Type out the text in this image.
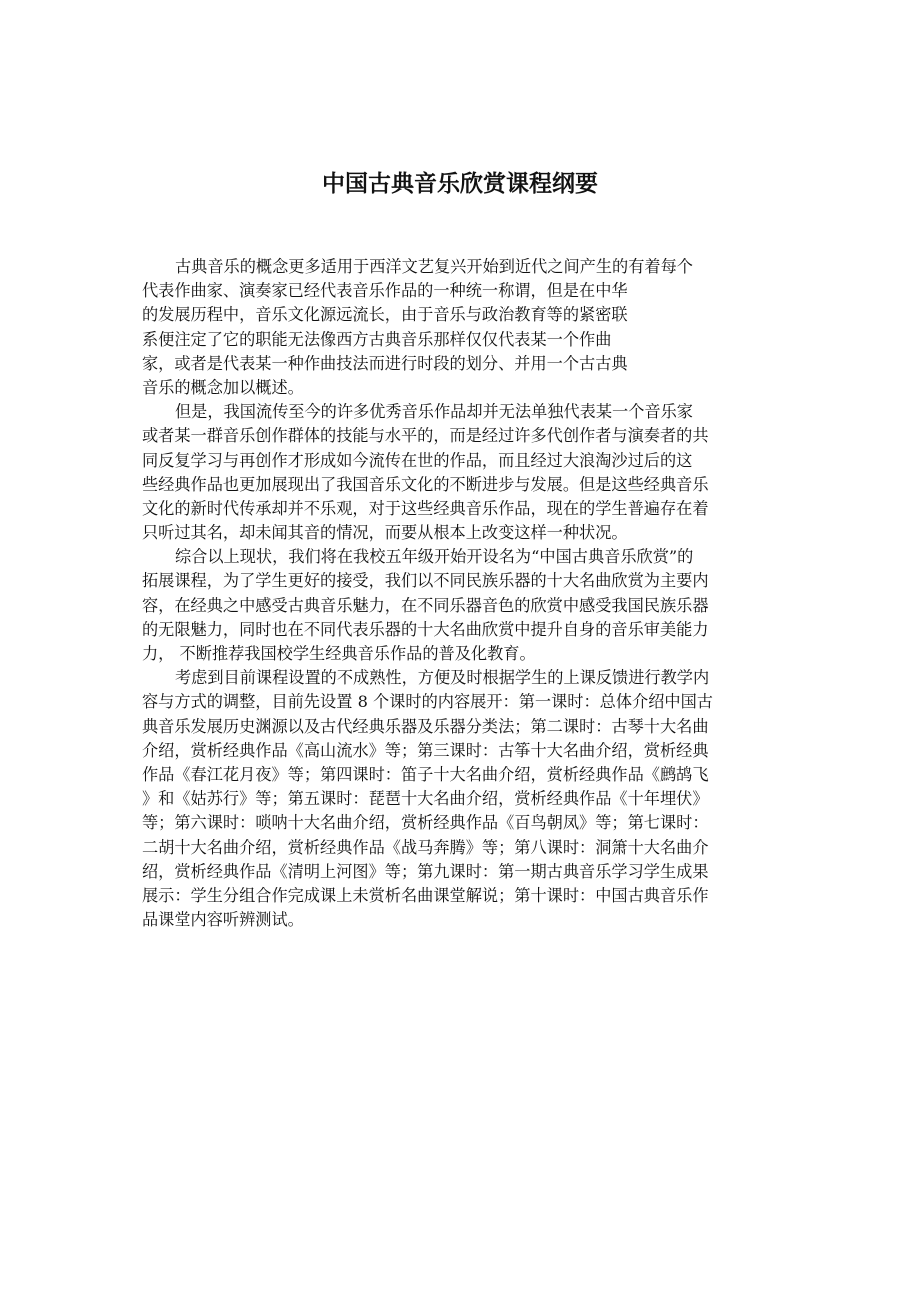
中国古典音乐欣赏课程纲要

古典音乐的概念更多适用于西洋文艺复兴开始到近代之间产生的有着每个
代表作曲家、演奏家已经代表音乐作品的一种统一称谓，但是在中华
的发展历程中，音乐文化源远流长，由于音乐与政治教育等的紧密联
系便注定了它的职能无法像西方古典音乐那样仅仅代表某一个作曲
家，或者是代表某一种作曲技法而进行时段的划分、并用一个古古典
音乐的概念加以概述。

但是，我国流传至今的许多优秀音乐作品却并无法单独代表某一个音乐家
或者某一群音乐创作群体的技能与水平的，而是经过许多代创作者与演奏者的共
同反复学习与再创作才形成如今流传在世的作品，而且经过大浪淘沙过后的这
些经典作品也更加展现出了我国音乐文化的不断进步与发展。但是这些经典音乐
文化的新时代传承却并不乐观，对于这些经典音乐作品，现在的学生普遍存在着
只听过其名，却未闻其音的情况，而要从根本上改变这样一种状况。

综合以上现状，我们将在我校五年级开始开设名为“中国古典音乐欣赏”的
拓展课程，为了学生更好的接受，我们以不同民族乐器的十大名曲欣赏为主要内
容，在经典之中感受古典音乐魅力，在不同乐器音色的欣赏中感受我国民族乐器
的无限魅力，同时也在不同代表乐器的十大名曲欣赏中提升自身的音乐审美能力
力， 不断推荐我国校学生经典音乐作品的普及化教育。

考虑到目前课程设置的不成熟性，方便及时根据学生的上课反馈进行教学内
容与方式的调整，目前先设置 8 个课时的内容展开：第一课时：总体介绍中国古
典音乐发展历史渊源以及古代经典乐器及乐器分类法；第二课时：古琴十大名曲
介绍，赏析经典作品《高山流水》等；第三课时：古筝十大名曲介绍，赏析经典
作品《春江花月夜》等；第四课时：笛子十大名曲介绍，赏析经典作品《鹧鸪飞
》和《姑苏行》等；第五课时：琵琶十大名曲介绍，赏析经典作品《十年埋伏》
等；第六课时：唢呐十大名曲介绍，赏析经典作品《百鸟朝凤》等；第七课时：
二胡十大名曲介绍，赏析经典作品《战马奔腾》等；第八课时：洞箫十大名曲介
绍，赏析经典作品《清明上河图》等；第九课时：第一期古典音乐学习学生成果
展示：学生分组合作完成课上未赏析名曲课堂解说；第十课时：中国古典音乐作
品课堂内容听辨测试。
